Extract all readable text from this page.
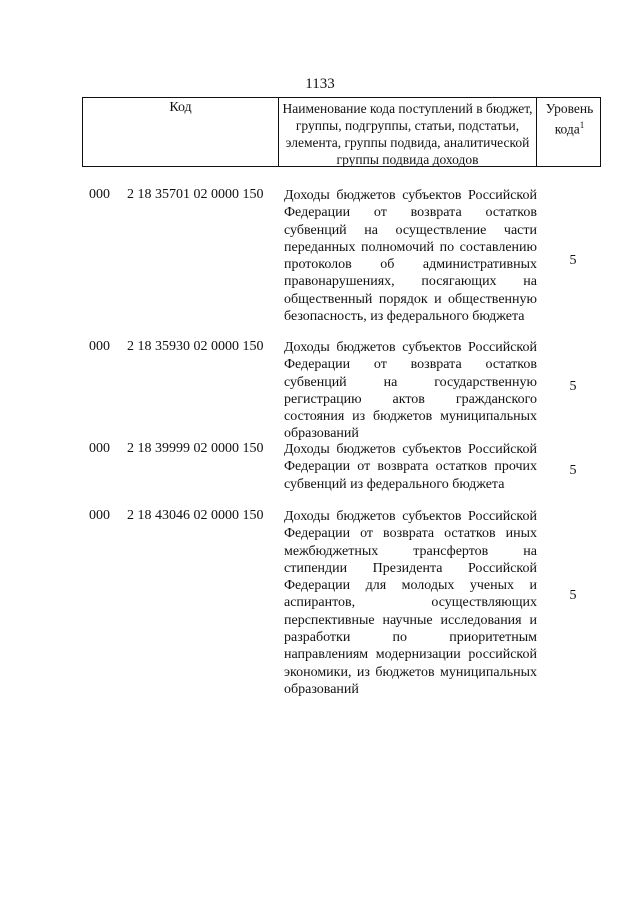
1133
Код	Наименование кода поступлений в бюджет, группы, подгруппы, статьи, подстатьи, элемента, группы подвида, аналитической группы подвида доходов
Уровень кода$^1$
000 2 18 35701 02 0000 150 Доходы бюджетов субъектов Российской Федерации от возврата остатков субвенций на осуществление части переданных полномочий по составлению протоколов об административных правонарушениях, посягающих на общественный порядок и общественную безопасность, из федерального бюджета
5
000 2 18 35930 02 0000 150 Доходы бюджетов субъектов Российской Федерации от возврата остатков субвенций на государственную регистрацию актов гражданского состояния из бюджетов муниципальных образований
5
000 2 18 39999 02 0000 150 Доходы бюджетов субъектов Российской Федерации от возврата остатков прочих субвенций из федерального бюджета
5
000 2 18 43046 02 0000 150 Доходы бюджетов субъектов Российской Федерации от возврата остатков иных межбюджетных трансфертов на стипендии Президента Российской Федерации для молодых ученых и аспирантов, осуществляющих перспективные научные исследования и разработки по приоритетным направлениям модернизации российской экономики, из бюджетов муниципальных образований
5
